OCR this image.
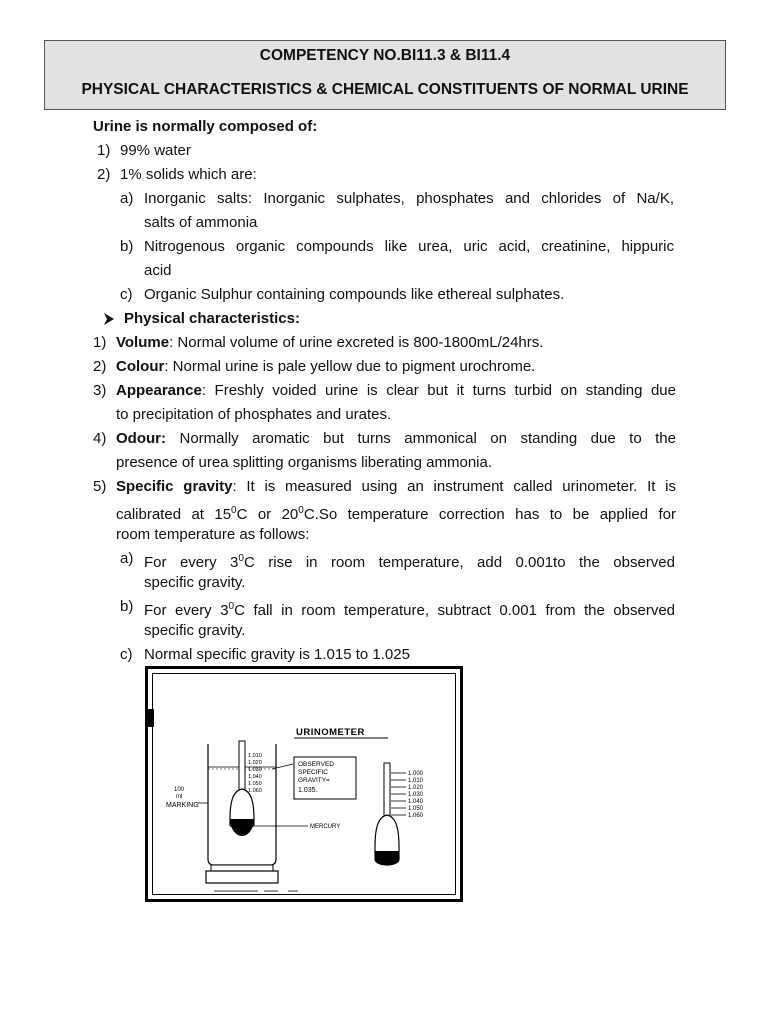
COMPETENCY NO.BI11.3 & BI11.4
PHYSICAL CHARACTERISTICS & CHEMICAL CONSTITUENTS OF NORMAL URINE
Urine is normally composed of:
1) 99% water
2) 1% solids which are:
a) Inorganic salts: Inorganic sulphates, phosphates and chlorides of Na/K,
salts of ammonia
b) Nitrogenous organic compounds like urea, uric acid, creatinine, hippuric
acid
c) Organic Sulphur containing compounds like ethereal sulphates.
Physical characteristics:
1) Volume: Normal volume of urine excreted is 800-1800mL/24hrs.
2) Colour: Normal urine is pale yellow due to pigment urochrome.
3) Appearance: Freshly voided urine is clear but it turns turbid on standing due
to precipitation of phosphates and urates.
4) Odour: Normally aromatic but turns ammonical on standing due to the
presence of urea splitting organisms liberating ammonia.
5) Specific gravity: It is measured using an instrument called urinometer. It is
calibrated at $15^0C$ or $20^0C.So$ temperature correction has to be applied for
room temperature as follows:
a) For every $3^0C$ rise in room temperature, add 0.001to the observed
specific gravity.
b) For every $3^0C$ fall in room temperature, subtract 0.001 from the observed
specific gravity.
c) Normal specific gravity is 1.015 to 1.025
URINOMETER
1.010
1.020
1.030
1.040
1.050
1.060
OBSERVED
SPECIFIC
GRAVITY=
1.035.
100
ml
MARKING
MERCURY
1.000
1.010
1.020
1.030
1.040
1.050
1.060
